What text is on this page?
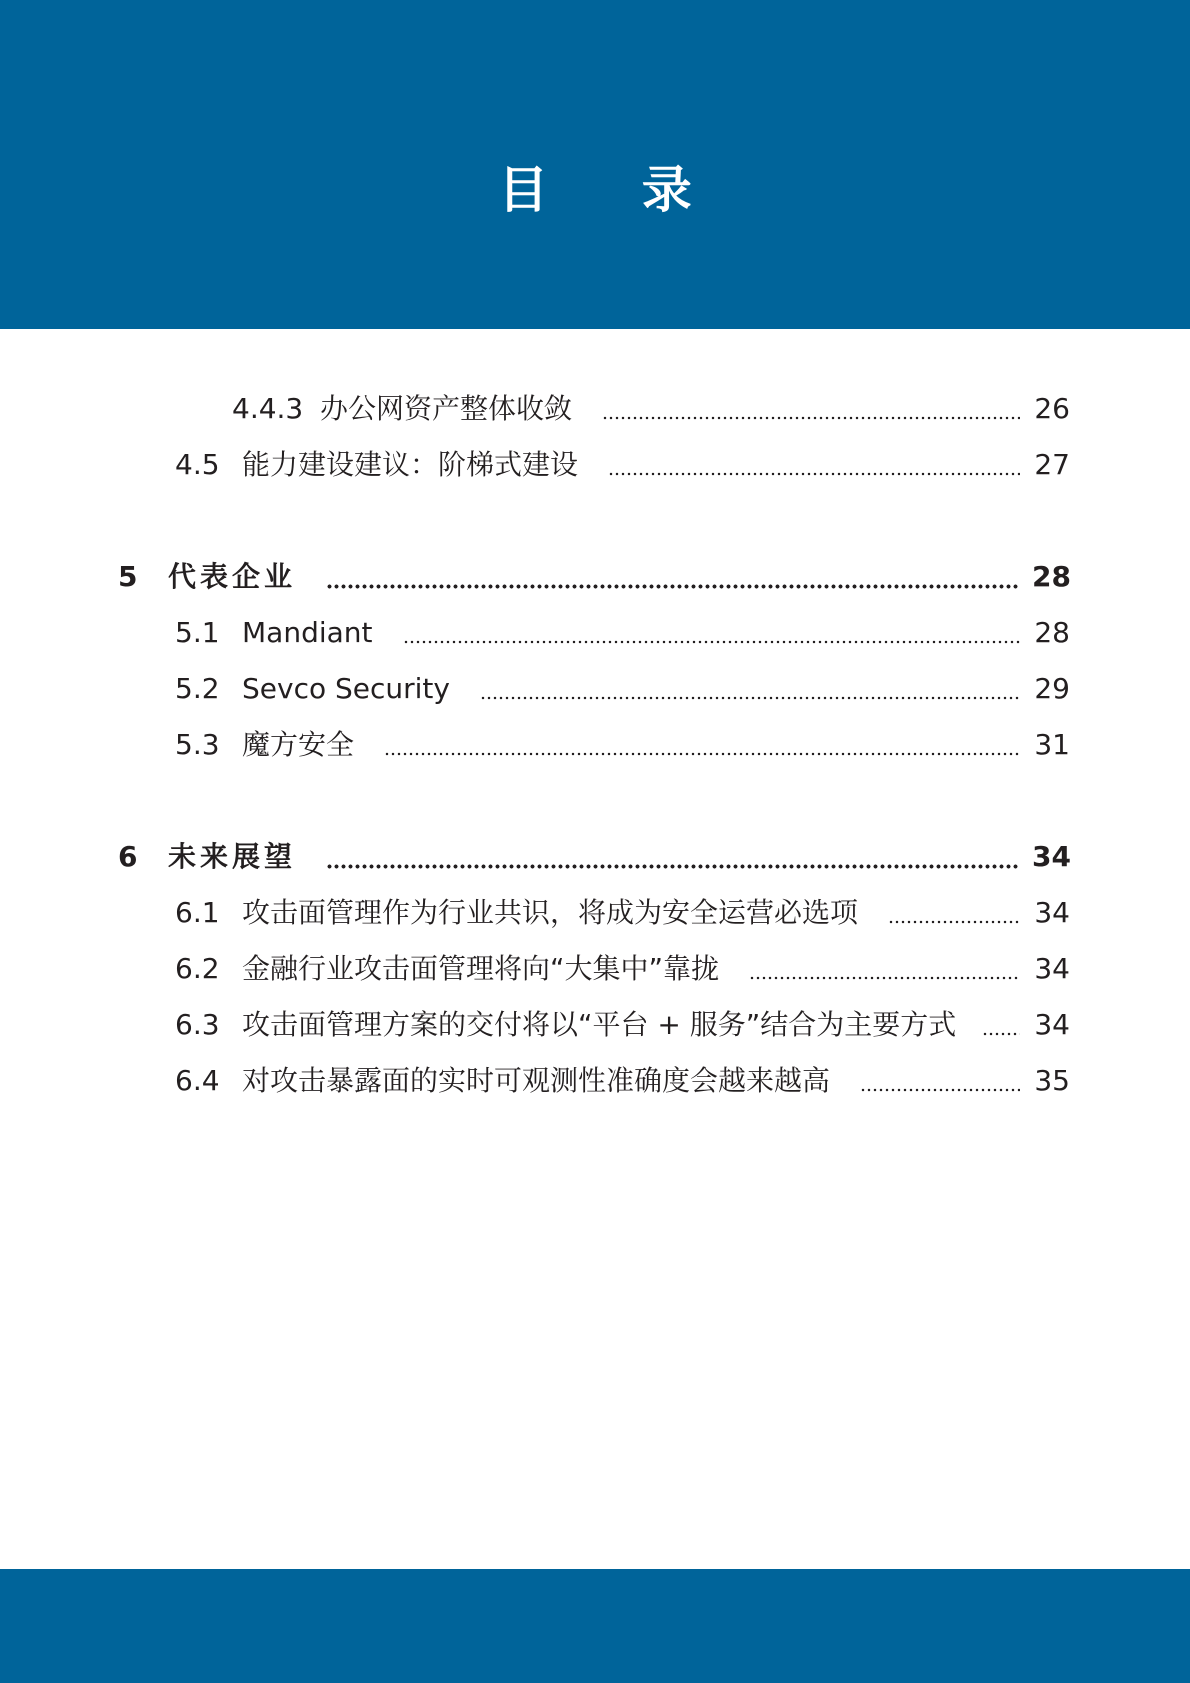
目 录
4.4.3 办公网资产整体收敛	26
4.5 能力建设建议：阶梯式建设	27
5	代表企业	28
5.1 Mandiant	28
5.2 Sevco Security	29
5.3 魔方安全	31
6	未来展望	34
6.1 攻击面管理作为行业共识，将成为安全运营必选项	34
6.2 金融行业攻击面管理将向“大集中”靠拢	34
6.3 攻击面管理方案的交付将以“平台 + 服务”结合为主要方式	34
6.4 对攻击暴露面的实时可观测性准确度会越来越高	35
